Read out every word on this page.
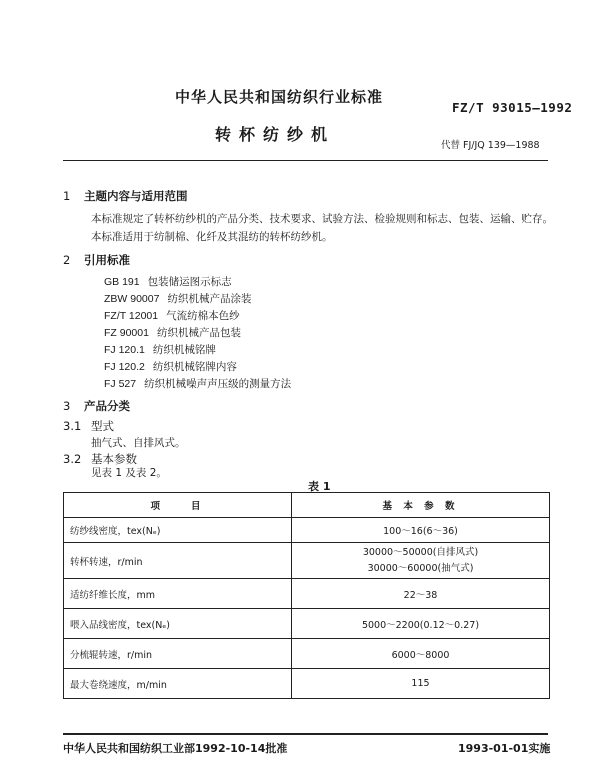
中华人民共和国纺织行业标准
FZ/T 93015—1992
转杯纺纱机
代替 FJ/JQ 139—1988
1 主题内容与适用范围
本标准规定了转杯纺纱机的产品分类、技术要求、试验方法、检验规则和标志、包装、运输、贮存。
本标准适用于纺制棉、化纤及其混纺的转杯纺纱机。
2 引用标准
GB 191 包装储运图示标志
ZBW 90007 纺织机械产品涂装
FZ/T 12001 气流纺棉本色纱
FZ 90001 纺织机械产品包装
FJ 120.1 纺织机械铭牌
FJ 120.2 纺织机械铭牌内容
FJ 527 纺织机械噪声声压级的测量方法
3 产品分类
3.1 型式
抽气式、自排风式。
3.2 基本参数
见表 1 及表 2。
表 1
项　　目	基 本 参 数
纺纱线密度，tex(Nₑ)	100～16(6～36)
转杯转速，r/min	30000～50000(自排风式)
30000～60000(抽气式)

适纺纤维长度，mm	22～38
喂入品线密度，tex(Nₑ)	5000～2200(0.12～0.27)
分梳辊转速，r/min	6000～8000
最大卷绕速度，m/min	115
中华人民共和国纺织工业部1992-10-14批准	1993-01-01实施
